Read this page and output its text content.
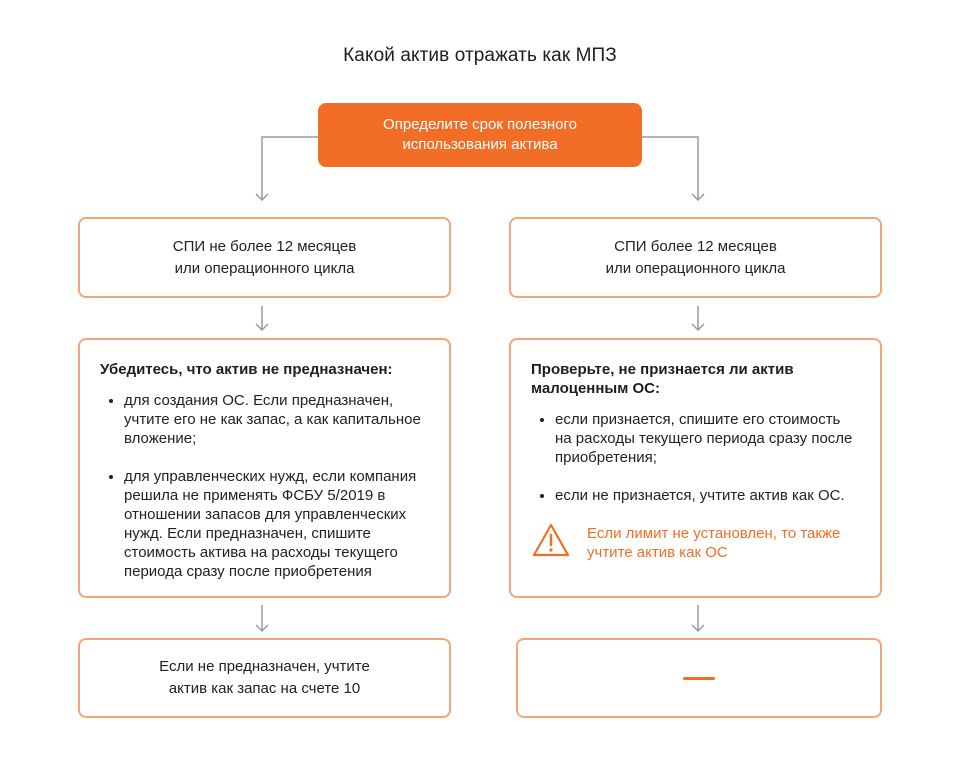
Какой актив отражать как МПЗ
Определите срок полезного
использования актива
СПИ не более 12 месяцев
или операционного цикла
Убедитесь, что актив не предназначен:
для создания ОС. Если предназначен, учтите его не как запас, а как капитальное вложение;
для управленческих нужд, если компания решила не применять ФСБУ 5/2019 в отношении запасов для управленческих нужд. Если предназначен, спишите стоимость актива на расходы текущего периода сразу после приобретения
Если не предназначен, учтите
актив как запас на счете 10
СПИ более 12 месяцев
или операционного цикла
Проверьте, не признается ли актив малоценным ОС:
если признается, спишите его стоимость на расходы текущего периода сразу после приобретения;
если не признается, учтите актив как ОС.
Если лимит не установлен, то также учтите актив как ОС
